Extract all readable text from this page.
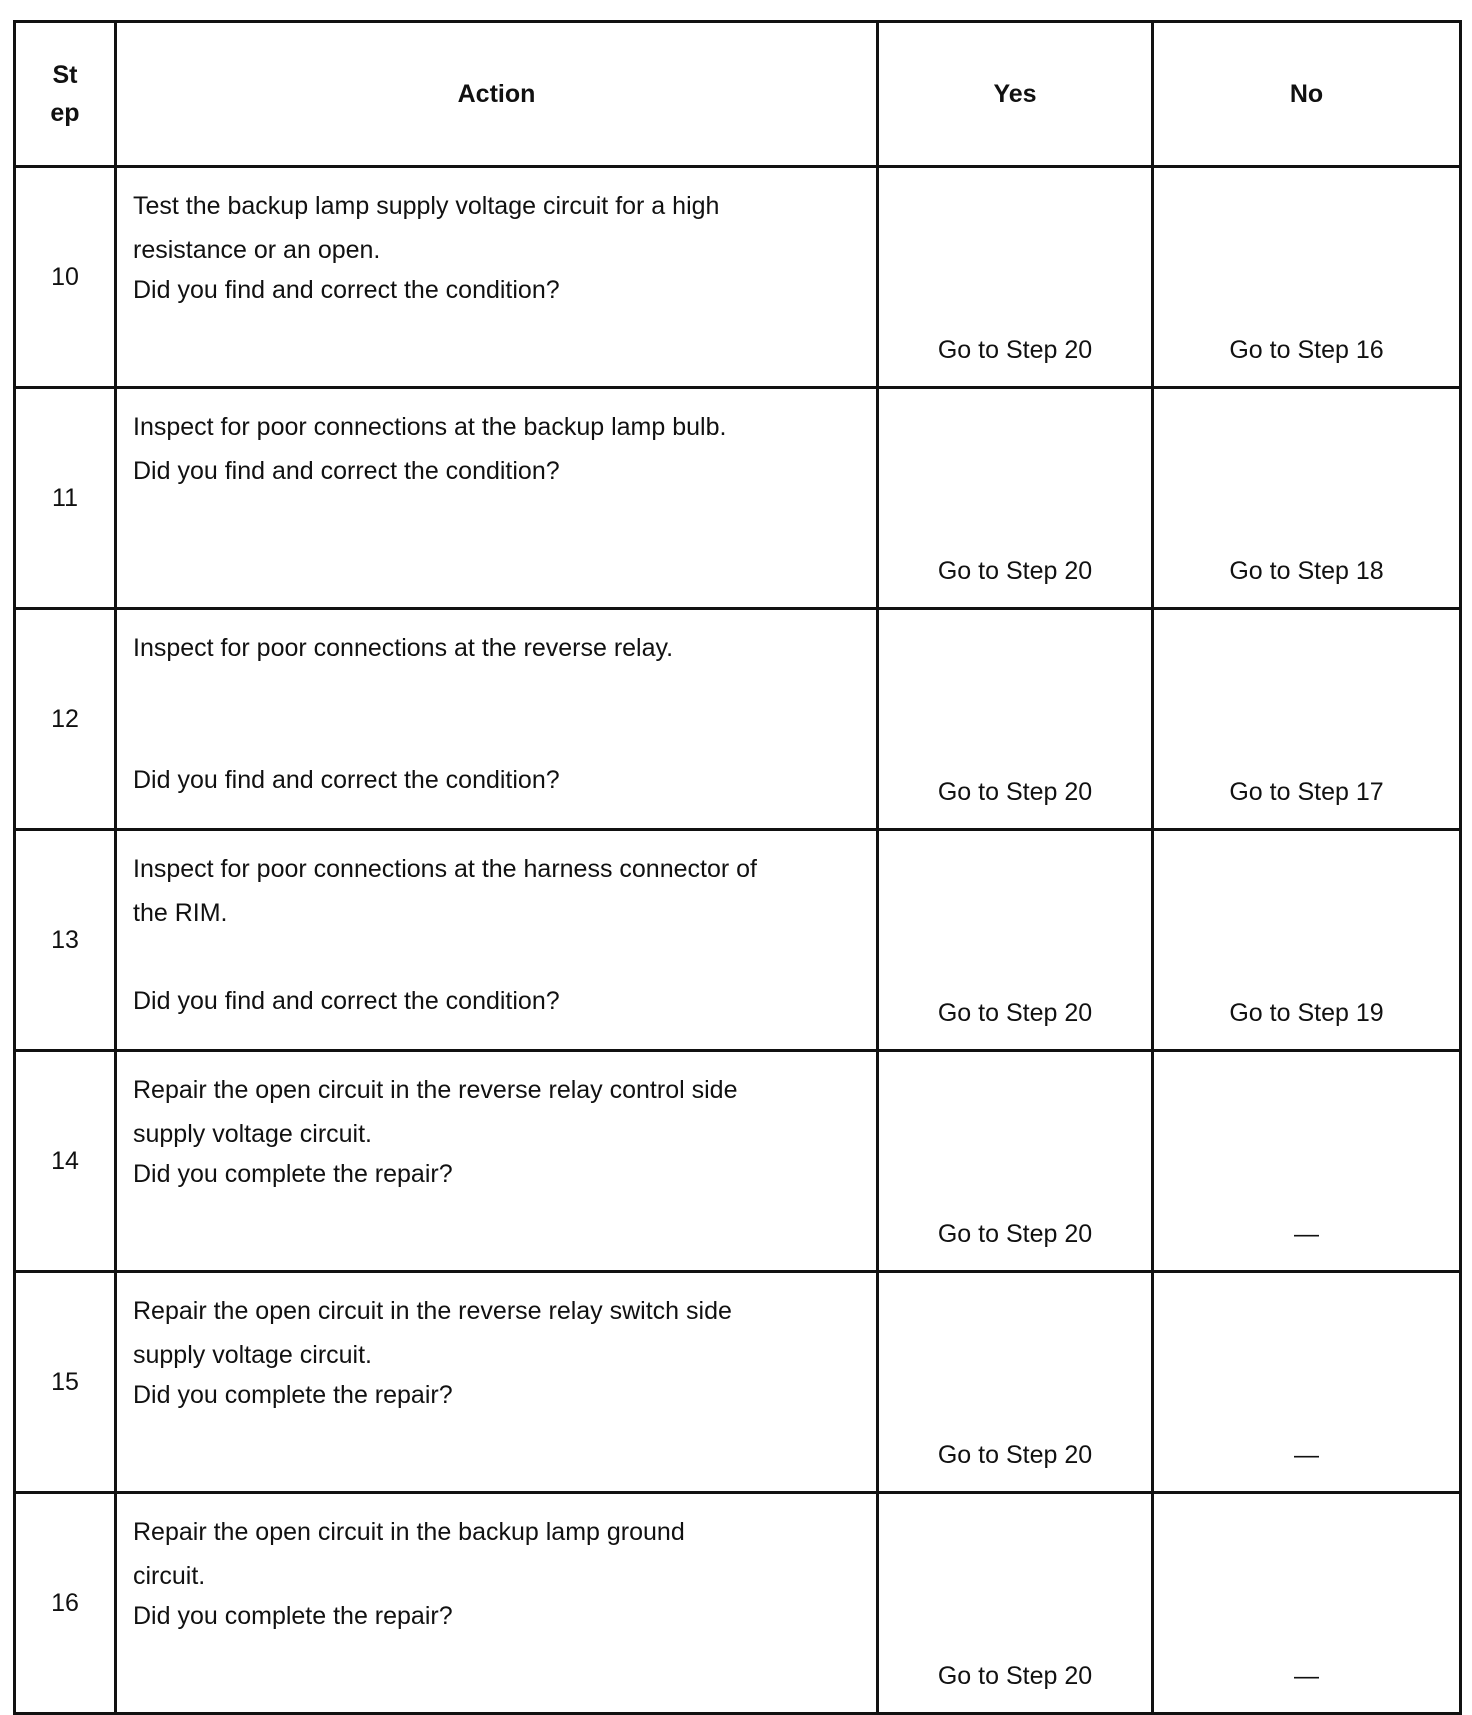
St
ep	Action	Yes	No
10	Test the backup lamp supply voltage circuit for a high
resistance or an open.
Did you find and correct the condition?	Go to Step 20	Go to Step 16
11	Inspect for poor connections at the backup lamp bulb.
Did you find and correct the condition?	Go to Step 20	Go to Step 18
12	Inspect for poor connections at the reverse relay.
Did you find and correct the condition?	Go to Step 20	Go to Step 17
13	Inspect for poor connections at the harness connector of
the RIM.
Did you find and correct the condition?	Go to Step 20	Go to Step 19
14	Repair the open circuit in the reverse relay control side
supply voltage circuit.
Did you complete the repair?	Go to Step 20	—
15	Repair the open circuit in the reverse relay switch side
supply voltage circuit.
Did you complete the repair?	Go to Step 20	—
16	Repair the open circuit in the backup lamp ground
circuit.
Did you complete the repair?	Go to Step 20	—
